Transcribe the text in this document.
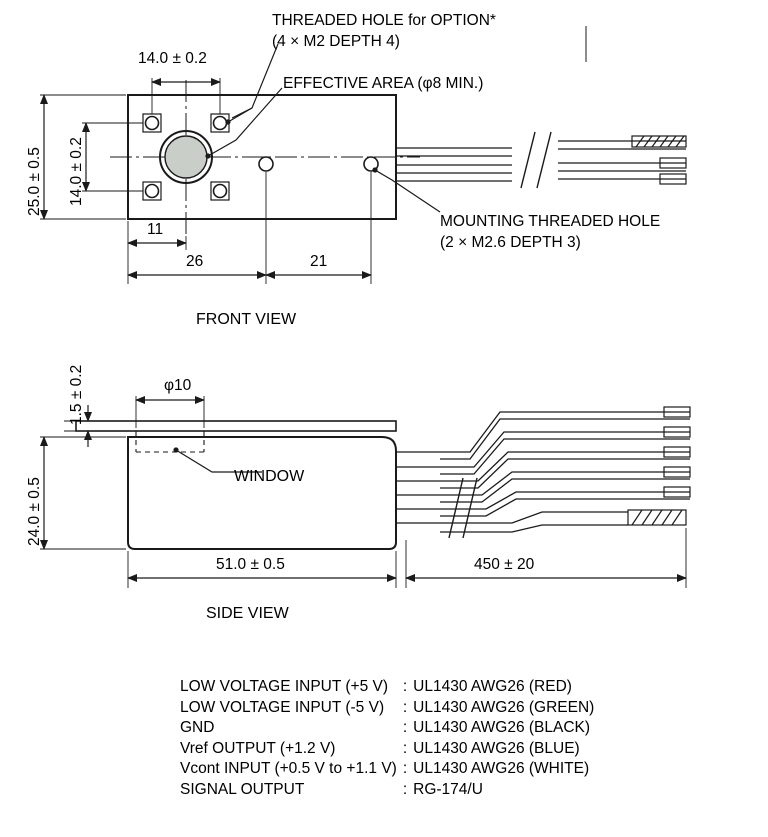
THREADED HOLE for OPTION*
(4 × M2 DEPTH 4)
EFFECTIVE AREA (φ8 MIN.)
MOUNTING THREADED HOLE
(2 × M2.6 DEPTH 3)
14.0 ± 0.2
25.0 ± 0.5 14.0 ± 0.2
11
26	21
FRONT VIEW
φ10
1.5 ± 0.2
24.0 ± 0.5
WINDOW
51.0 ± 0.5	450 ± 20
SIDE VIEW

LOW VOLTAGE INPUT (+5 V)	:	UL1430 AWG26 (RED)
LOW VOLTAGE INPUT (-5 V)	:	UL1430 AWG26 (GREEN)
GND	:	UL1430 AWG26 (BLACK)
Vref OUTPUT (+1.2 V)	:	UL1430 AWG26 (BLUE)
Vcont INPUT (+0.5 V to +1.1 V)	:	UL1430 AWG26 (WHITE)
SIGNAL OUTPUT	:	RG-174/U
